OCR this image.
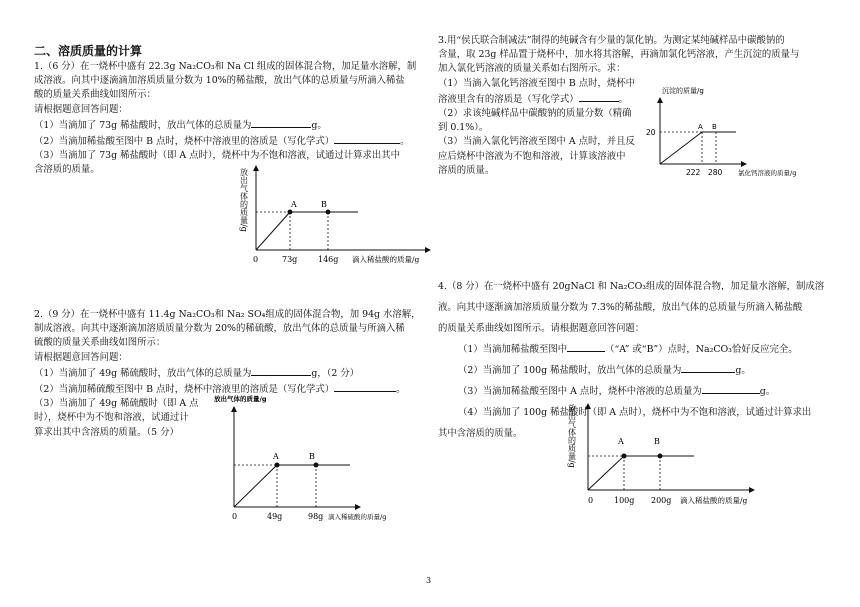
二、溶质质量的计算

1.（6 分）在一烧杯中盛有 22.3g Na₂CO₃和 Na Cl 组成的固体混合物，加足量水溶解，制

成溶液。向其中逐滴滴加溶质质量分数为 10%的稀盐酸，放出气体的总质量与所滴入稀盐

酸的质量关系曲线如图所示：

请根据题意回答问题：

（1）当滴加了 73g 稀盐酸时，放出气体的总质量为	g。

（2）当滴加稀盐酸至图中 B 点时，烧杯中溶液里的溶质是（写化学式）	。

（3）当滴加了 73g 稀盐酸时（即 A 点时），烧杯中为不饱和溶液，试通过计算求出其中

含溶质的质量。	放出气体的质量/g	A	B
0	73g	146g 滴入稀盐酸的质量/g

2.（9 分）在一烧杯中盛有 11.4g Na₂CO₃和 Na₂ SO₄组成的固体混合物，加 94g 水溶解，

制成溶液。向其中逐渐滴加溶质质量分数为 20%的稀硫酸，放出气体的总质量与所滴入稀

硫酸的质量关系曲线如图所示：

请根据题意回答问题：

（1）当滴加了 49g 稀硫酸时，放出气体的总质量为	g，（2 分）

（2）当滴加稀硫酸至图中 B 点时，烧杯中溶液里的溶质是（写化学式）	。

（3）当滴加了 49g 稀硫酸时（即 A 点

时），烧杯中为不饱和溶液，试通过计

算求出其中含溶质的质量。（5 分）

放出气体的质量/g
A	B
0	49g	98g 滴入稀硫酸的质量/g

3.用“侯氏联合制减法”制得的纯碱含有少量的氯化钠。为测定某纯碱样品中碳酸钠的

含量，取 23g 样品置于烧杯中，加水将其溶解，再滴加氯化钙溶液，产生沉淀的质量与

加入氯化钙溶液的质量关系如右图所示。求：

（1）当滴入氯化钙溶液至图中 B 点时，烧杯中

溶液里含有的溶质是（写化学式）	。

（2）求该纯碱样品中碳酸钠的质量分数（精确

到 0.1%）。

（3）当滴入氯化钙溶液至图中 A 点时，并且反

应后烧杯中溶液为不饱和溶液，计算该溶液中

溶质的质量。

沉淀的质量/g
A B
20
222 280 氯化钙溶液的质量/g

4.（8 分）在一烧杯中盛有 20gNaCl 和 Na₂CO₃组成的固体混合物，加足量水溶解，制成溶

液。向其中逐渐滴加溶质质量分数为 7.3%的稀盐酸，放出气体的总质量与所滴入稀盐酸

的质量关系曲线如图所示。请根据题意回答问题：

（1）当滴加稀盐酸至图中	（“A” 或“B”）点时，Na₂CO₃恰好反应完全。

（2）当滴加了 100g 稀盐酸时，放出气体的总质量为	g。

（3）当滴加稀盐酸至图中 A 点时，烧杯中溶液的总质量为	g。

（4）当滴加了 100g 稀盐酸时（即 A 点时），烧杯中为不饱和溶液，试通过计算求出

其中含溶质的质量。	放出气体的质量/g	A	B
0	100g 200g 滴入稀盐酸的质量/g
3
